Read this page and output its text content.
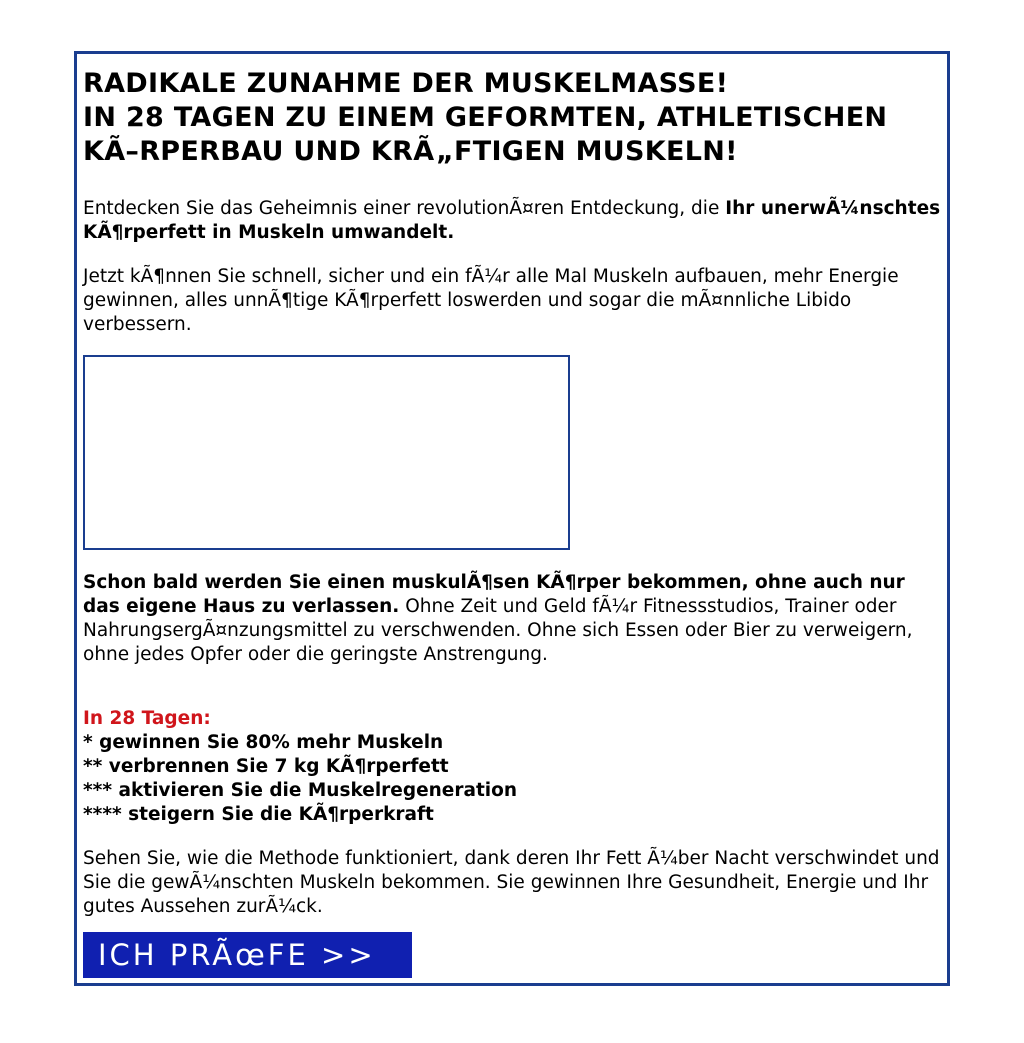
RADIKALE ZUNAHME DER MUSKELMASSE!
IN 28 TAGEN ZU EINEM GEFORMTEN, ATHLETISCHEN
KÃ–RPERBAU UND KRÃ„FTIGEN MUSKELN!

Entdecken Sie das Geheimnis einer revolutionÃ¤ren Entdeckung, die Ihr unerwÃ¼nschtes KÃ¶rperfett in Muskeln umwandelt.

Jetzt kÃ¶nnen Sie schnell, sicher und ein fÃ¼r alle Mal Muskeln aufbauen, mehr Energie gewinnen, alles unnÃ¶tige KÃ¶rperfett loswerden und sogar die mÃ¤nnliche Libido verbessern.

Schon bald werden Sie einen muskulÃ¶sen KÃ¶rper bekommen, ohne auch nur das eigene Haus zu verlassen. Ohne Zeit und Geld fÃ¼r Fitnessstudios, Trainer oder NahrungsergÃ¤nzungsmittel zu verschwenden. Ohne sich Essen oder Bier zu verweigern, ohne jedes Opfer oder die geringste Anstrengung.

In 28 Tagen:
* gewinnen Sie 80% mehr Muskeln
** verbrennen Sie 7 kg KÃ¶rperfett
*** aktivieren Sie die Muskelregeneration
**** steigern Sie die KÃ¶rperkraft

Sehen Sie, wie die Methode funktioniert, dank deren Ihr Fett Ã¼ber Nacht verschwindet und Sie die gewÃ¼nschten Muskeln bekommen. Sie gewinnen Ihre Gesundheit, Energie und Ihr gutes Aussehen zurÃ¼ck.

ICH PRÃœFE >>
